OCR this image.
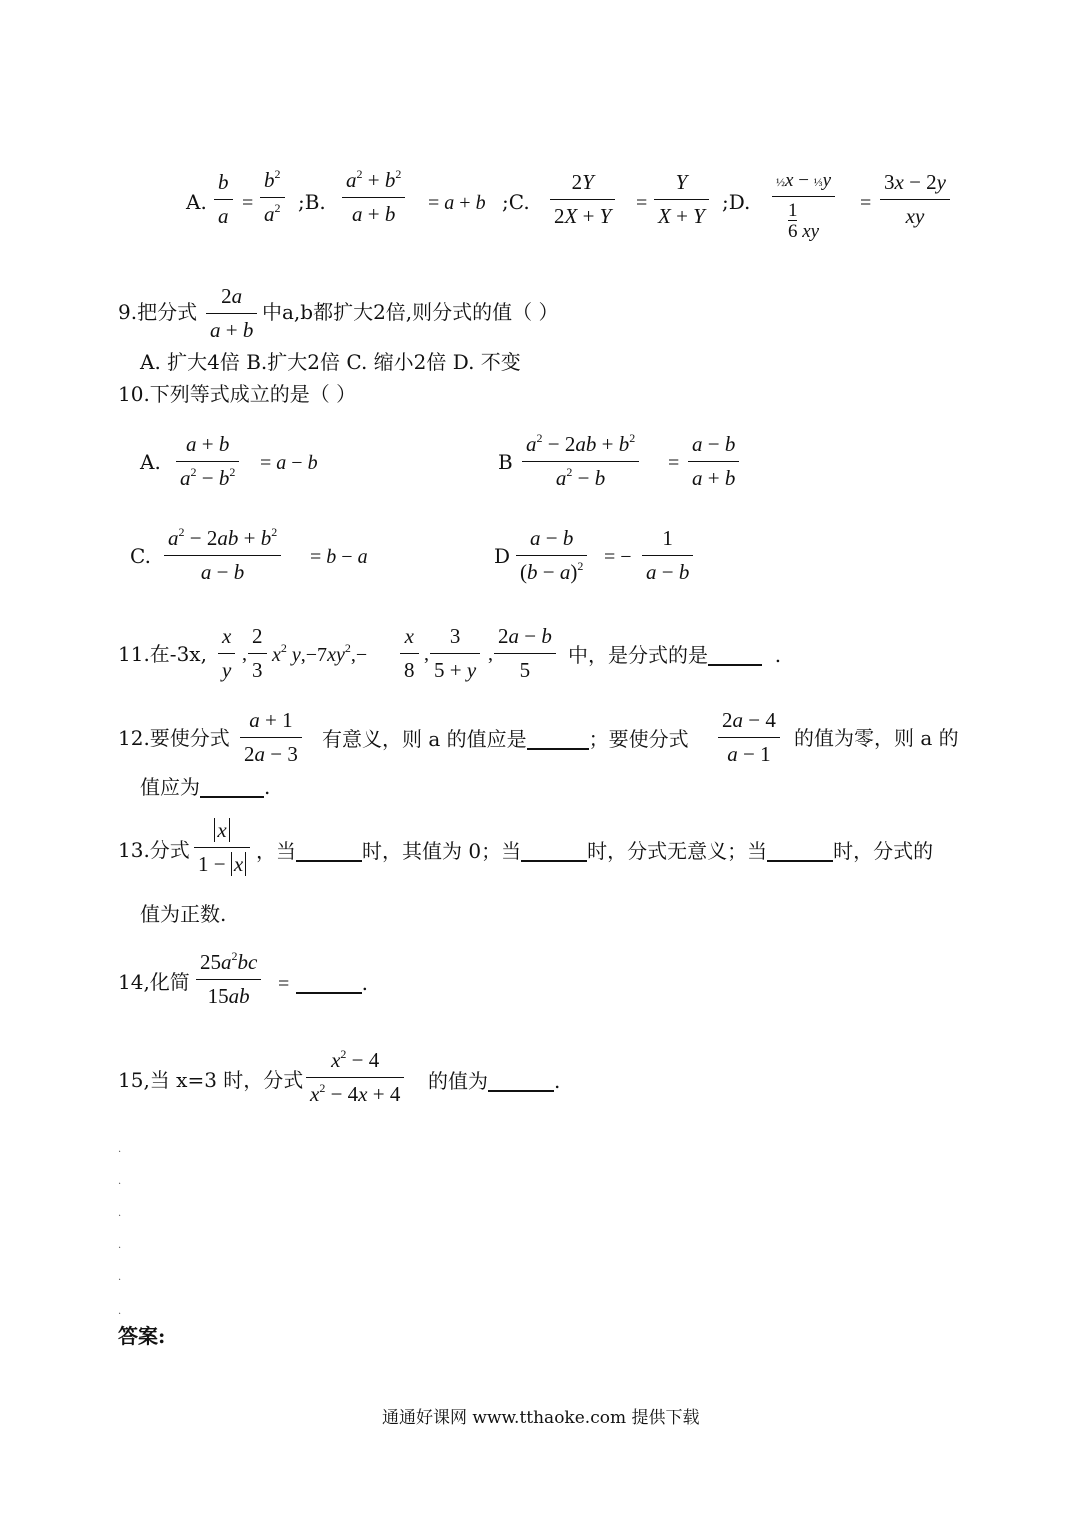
A. $\frac{b}{a} = \frac{b^2}{a^2}$ ;B. $\frac{a^2 + b^2}{a + b} = a + b$ ;C. $\frac{2Y}{2X + Y} = \frac{Y}{X + Y}$ ;D.
½x − ⅓y
1
6 xy
= $\frac{3x - 2y}{xy}$
9.把分式 $\frac{2a}{a + b}$ 中a,b都扩大2倍,则分式的值（ ）
A. 扩大4倍 B.扩大2倍 C. 缩小2倍 D. 不变
10.下列等式成立的是（ ）
A. $\frac{a + b}{a^2 - b^2} = a - b$	B $\frac{a^2 - 2ab + b^2}{a^2 - b} = \frac{a - b}{a + b}$
C. $\frac{a^2 - 2ab + b^2}{a - b} = b - a$	D $\frac{a - b}{(b - a)^2}$ = − $\frac{1}{a - b}$
11.在-3x, $\frac{x}{y}$ , $\frac{2}{3} x^2$ $y,-7xy^2,- \frac{x}{8}$ , $\frac{3}{5 + y}$ , $\frac{2a - b}{5}$ 中，是分式的是	.
12.要使分式 $\frac{a + 1}{2a - 3}$ 有意义，则 a 的值应是	；要使分式 $\frac{2a - 4}{a - 1}$ 的值为零，则 a 的
值应为	.
13.分式 $\frac{x}{1 - x}$ ，当	时，其值为 0；当	时，分式无意义；当	时，分式的
值为正数.
14,化简 $\frac{25a^2bc}{15ab}$ =	.
15,当 x=3 时，分式 $\frac{x^2 - 4}{x^2 - 4x + 4}$ 的值为	.
.
.
.
.
.
.
答案:
通通好课网 www.tthaoke.com 提供下载
